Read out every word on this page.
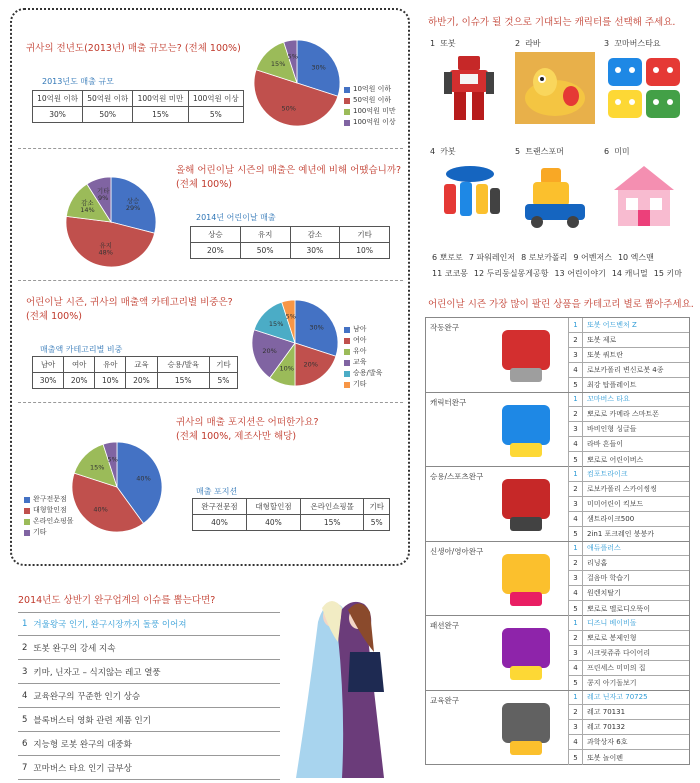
귀사의 전년도(2013년) 매출 규모는? (전체 100%)
2013년도 매출 규모
10억원 이하	50억원 이하	100억원 미만	100억원 이상
30%	50%	15%	5%
30%
50%
15%
5%
10억원 이하
50억원 이하
100억원 미만
100억원 이상
상승 29%
유지 48%
감소 14%
기타 9%
올해 어린이날 시즌의 매출은 예년에 비해 어땠습니까?
(전체 100%)
2014년 어린이날 매출
상승	유지	감소	기타
20%	50%	30%	10%
어린이날 시즌, 귀사의 매출액 카테고리별 비중은?
(전체 100%)
매출액 카테고리별 비중
남아	여아	유아	교육	승용/발육	기타
30%	20%	10%	20%	15%	5%
30%
20%
10%
20%
15%
5%
남아
여아
유아
교육
승용/발육
기타
40%
40%
15%
5%
완구전문점
대형할인점
온라인쇼핑몰
기타
귀사의 매출 포지션은 어떠한가요?
(전체 100%, 제조사만 해당)
매출 포지션
완구전문점	대형할인점	온라인쇼핑몰	기타
40%	40%	15%	5%
2014년도 상반기 완구업계의 이슈를 뽑는다면?
1 겨울왕국 인기, 완구시장까지 돌풍 이어져
2 또봇 완구의 강세 지속
3 키마, 닌자고 – 식지않는 레고 열풍
4 교육완구의 꾸준한 인기 상승
5 블록버스터 영화 관련 제품 인기
6 지능형 로봇 완구의 대중화
7 꼬마버스 타요 인기 급부상
하반기, 이슈가 될 것으로 기대되는 캐릭터를 선택해 주세요.
1 또봇	2 라바	3 꼬마버스타요
4 카봇	5 트랜스포머	6 미미
6 뽀로로 7 파워레인저 8 로보카폴리 9 어벤저스 10 엑스맨
11 코코몽 12 두리둥실몽게공항 13 어린이야기 14 캐니멀 15 키마
어린이날 시즌 가장 많이 팔린 상품을 카테고리 별로 뽑아주세요.
작동완구	1	또봇 어드벤처 Z
2	또봇 제로
3	또봇 쿼트란
4	로보카폴리 변신로봇 4종
5	최강 탑플레이트
캐릭터완구	1	꼬마버스 타요
2	뽀로로 카메라 스마트폰
3	바비인형 싱글들
4	라바 흔들이
5	뽀로로 어린이버스
승용/스포츠완구	1	컴포트라이크
2	로보카폴리 스카이씽씽
3	미미어린이 킥보드
4	샘트라이크500
5	2in1 포크레인 붕붕카
신생아/영아완구	1	애듀플러스
2	리닝홈
3	걸음마 학습기
4	원렌치탈기
5	뽀로로 멜로디오뚝이
패션완구	1	디즈니 베이비돌
2	뽀로로 봉제인형
3	시크릿쥬쥬 다이어리
4	프린세스 미미의 집
5	콩지 아기돌보기
교육완구	1	레고 닌자고 70725
2	레고 70131
3	레고 70132
4	과학상자 6호
5	또봇 놀이펜
